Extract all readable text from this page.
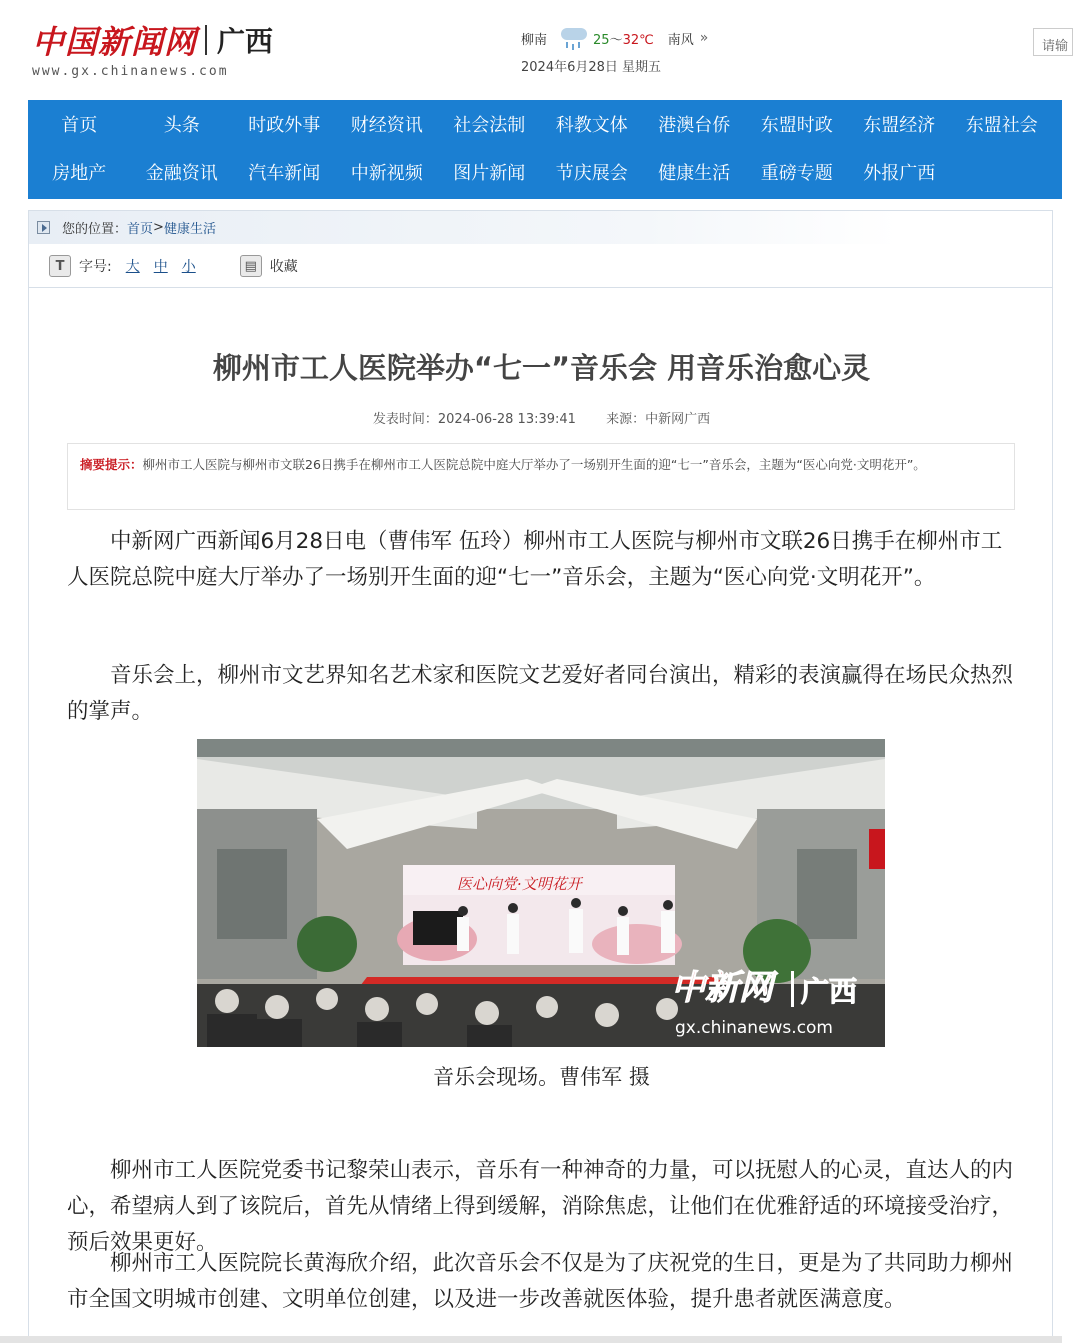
中国新闻网 广西
www.gx.chinanews.com
柳南	25～32℃ 南风 »
2024年6月28日 星期五
请输
首页	头条	时政外事	财经资讯	社会法制	科教文体	港澳台侨	东盟时政	东盟经济	东盟社会
房地产	金融资讯	汽车新闻	中新视频	图片新闻	节庆展会	健康生活	重磅专题	外报广西
您的位置： 首页 > 健康生活
T	字号: 大 中 小	▤ 收藏
柳州市工人医院举办“七一”音乐会 用音乐治愈心灵
发表时间：2024-06-28 13:39:41 来源：中新网广西
摘要提示：柳州市工人医院与柳州市文联26日携手在柳州市工人医院总院中庭大厅举办了一场别开生面的迎“七一”音乐会，主题为“医心向党·文明花开”。

中新网广西新闻6月28日电（曹伟军 伍玲）柳州市工人医院与柳州市文联26日携手在柳州市工人医院总院中庭大厅举办了一场别开生面的迎“七一”音乐会，主题为“医心向党·文明花开”。

音乐会上，柳州市文艺界知名艺术家和医院文艺爱好者同台演出，精彩的表演赢得在场民众热烈的掌声。

医心向党·文明花开
中新网 广西
gx.chinanews.com
音乐会现场。曹伟军 摄

柳州市工人医院党委书记黎荣山表示，音乐有一种神奇的力量，可以抚慰人的心灵，直达人的内心，希望病人到了该院后，首先从情绪上得到缓解，消除焦虑，让他们在优雅舒适的环境接受治疗，预后效果更好。

柳州市工人医院院长黄海欣介绍，此次音乐会不仅是为了庆祝党的生日，更是为了共同助力柳州市全国文明城市创建、文明单位创建，以及进一步改善就医体验，提升患者就医满意度。
